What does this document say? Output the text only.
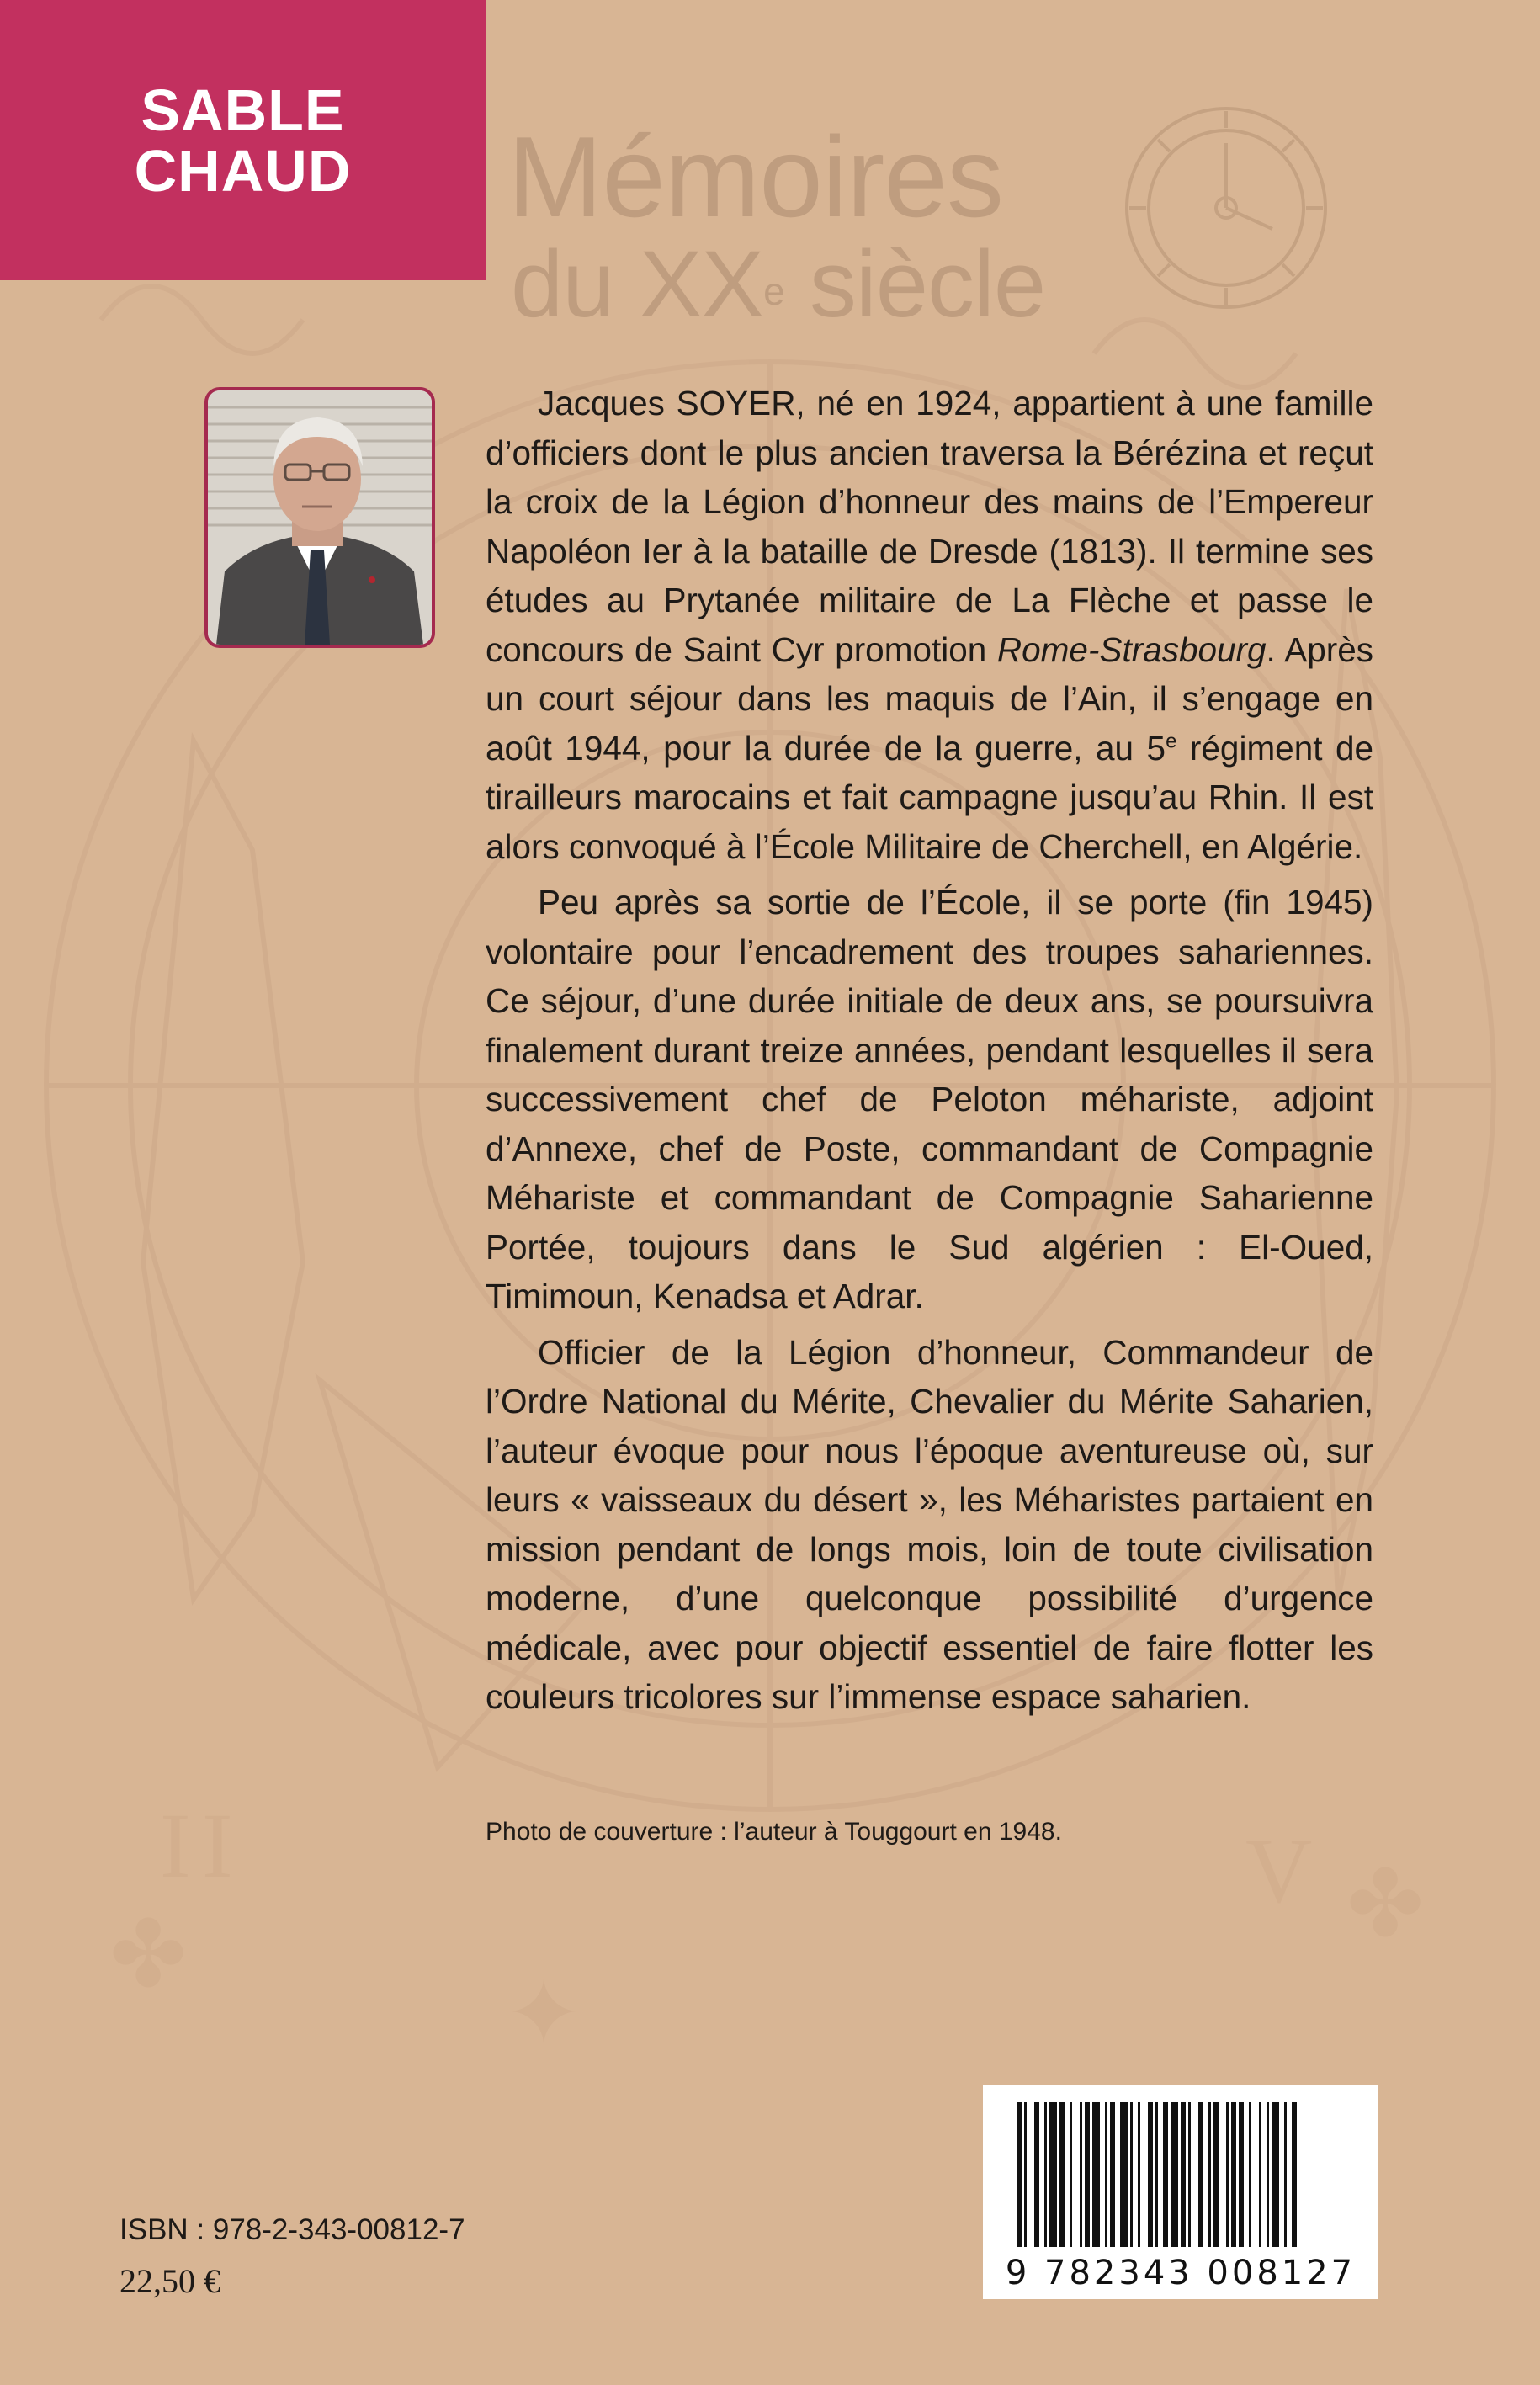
I I	V
✦
✤	✤
SABLE
CHAUD Mémoires
du XXe siècle

Jacques SOYER, né en 1924, appartient à une famille d’officiers dont le plus ancien traversa la Bérézina et reçut la croix de la Légion d’honneur des mains de l’Empereur Napoléon Ier à la bataille de Dresde (1813). Il termine ses études au Prytanée militaire de La Flèche et passe le concours de Saint Cyr promotion Rome-Strasbourg. Après un court séjour dans les maquis de l’Ain, il s’engage en août 1944, pour la durée de la guerre, au 5e régiment de tirailleurs marocains et fait campagne jusqu’au Rhin. Il est alors convoqué à l’École Militaire de Cherchell, en Algérie.

Peu après sa sortie de l’École, il se porte (fin 1945) volontaire pour l’encadrement des troupes sahariennes. Ce séjour, d’une durée initiale de deux ans, se poursuivra finalement durant treize années, pendant lesquelles il sera successivement chef de Peloton méhariste, adjoint d’Annexe, chef de Poste, commandant de Compagnie Méhariste et commandant de Compagnie Saharienne Portée, toujours dans le Sud algérien : El-Oued, Timimoun, Kenadsa et Adrar.

Officier de la Légion d’honneur, Commandeur de l’Ordre National du Mérite, Chevalier du Mérite Saharien, l’auteur évoque pour nous l’époque aventureuse où, sur leurs « vaisseaux du désert », les Méharistes partaient en mission pendant de longs mois, loin de toute civilisation moderne, d’une quelconque possibilité d’urgence médicale, avec pour objectif essentiel de faire flotter les couleurs tricolores sur l’immense espace saharien.

Photo de couverture : l’auteur à Touggourt en 1948.
9 782343 008127
ISBN : 978-2-343-00812-7
22,50 €
